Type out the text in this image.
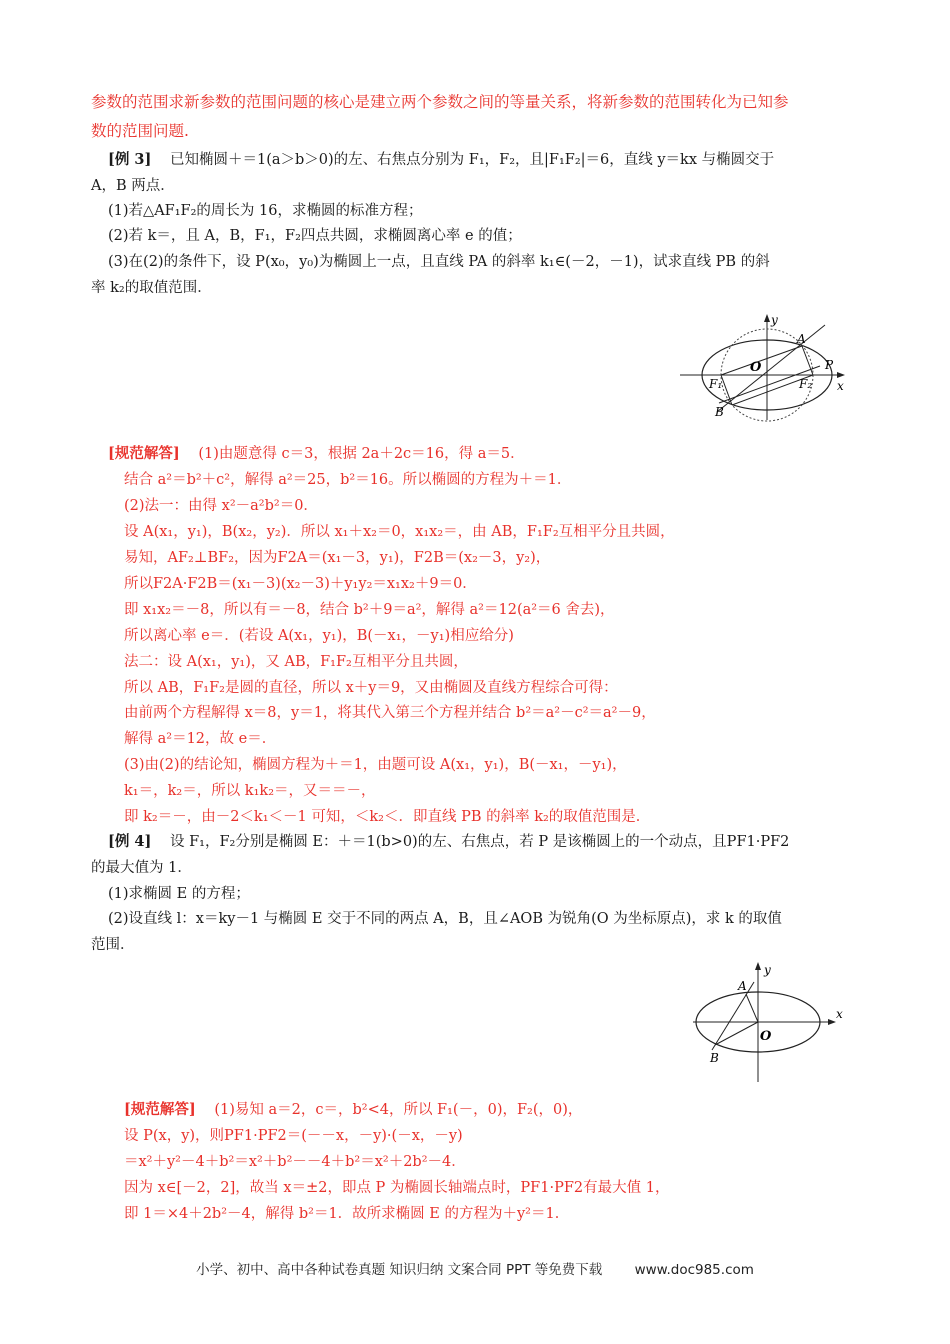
参数的范围求新参数的范围问题的核心是建立两个参数之间的等量关系，将新参数的范围转化为已知参
数的范围问题.
[例 3] 已知椭圆＋＝1(a＞b＞0)的左、右焦点分别为 F₁，F₂，且|F₁F₂|＝6，直线 y＝kx 与椭圆交于
A，B 两点．
(1)若△AF₁F₂的周长为 16，求椭圆的标准方程；
(2)若 k＝，且 A，B，F₁，F₂四点共圆，求椭圆离心率 e 的值；
(3)在(2)的条件下，设 P(x₀，y₀)为椭圆上一点，且直线 PA 的斜率 k₁∈(－2，－1)，试求直线 PB 的斜
率 k₂的取值范围．
y
x
O
A
P
B
F₁	F₂
[规范解答] (1)由题意得 c＝3，根据 2a＋2c＝16，得 a＝5．
结合 a²＝b²＋c²，解得 a²＝25，b²＝16。所以椭圆的方程为＋＝1．
(2)法一：由得 x²－a²b²＝0．
设 A(x₁，y₁)，B(x₂，y₂)．所以 x₁＋x₂＝0，x₁x₂＝，由 AB，F₁F₂互相平分且共圆，
易知，AF₂⊥BF₂，因为F2A＝(x₁－3，y₁)，F2B＝(x₂－3，y₂)，
所以F2A·F2B＝(x₁－3)(x₂－3)＋y₁y₂＝x₁x₂＋9＝0．
即 x₁x₂＝－8，所以有＝－8，结合 b²＋9＝a²，解得 a²＝12(a²＝6 舍去)，
所以离心率 e＝．(若设 A(x₁，y₁)，B(－x₁，－y₁)相应给分)
法二：设 A(x₁，y₁)，又 AB，F₁F₂互相平分且共圆，
所以 AB，F₁F₂是圆的直径，所以 x＋y＝9，又由椭圆及直线方程综合可得：
由前两个方程解得 x＝8，y＝1，将其代入第三个方程并结合 b²＝a²－c²＝a²－9，
解得 a²＝12，故 e＝．
(3)由(2)的结论知，椭圆方程为＋＝1，由题可设 A(x₁，y₁)，B(－x₁，－y₁)，
k₁＝，k₂＝，所以 k₁k₂＝，又＝＝－，
即 k₂＝－，由－2＜k₁＜－1 可知，＜k₂＜．即直线 PB 的斜率 k₂的取值范围是．
[例 4] 设 F₁，F₂分别是椭圆 E：＋＝1(b>0)的左、右焦点，若 P 是该椭圆上的一个动点，且PF1·PF2
的最大值为 1．
(1)求椭圆 E 的方程；
(2)设直线 l：x＝ky－1 与椭圆 E 交于不同的两点 A，B，且∠AOB 为锐角(O 为坐标原点)，求 k 的取值
范围．
y
x
O
A
B
[规范解答] (1)易知 a＝2，c＝，b²<4，所以 F₁(－，0)，F₂(，0)，
设 P(x，y)，则PF1·PF2＝(－－x，－y)·(－x，－y)
＝x²＋y²－4＋b²＝x²＋b²－－4＋b²＝x²＋2b²－4．
因为 x∈[－2，2]，故当 x＝±2，即点 P 为椭圆长轴端点时，PF1·PF2有最大值 1，
即 1＝×4＋2b²－4，解得 b²＝1．故所求椭圆 E 的方程为＋y²＝1．
小学、初中、高中各种试卷真题 知识归纳 文案合同 PPT 等免费下载 www.doc985.com
